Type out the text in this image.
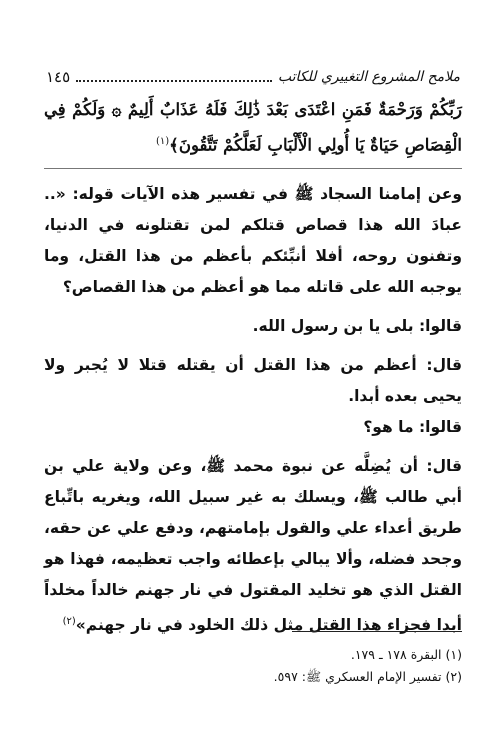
ملامح المشروع التغييري للكاتب
١٤٥

رَبِّكُمْ وَرَحْمَةٌ فَمَنِ اعْتَدَى بَعْدَ ذَٰلِكَ فَلَهُ عَذَابٌ أَلِيمٌ ۞ وَلَكُمْ فِي الْقِصَاصِ حَيَاةٌ يَا أُولِي الْأَلْبَابِ لَعَلَّكُمْ تَتَّقُونَ﴾$^{(١)}$

وعن إمامنا السجاد ﷺ في تفسير هذه الآيات قوله: «.. عبادَ الله هذا قصاص قتلكم لمن تقتلونه في الدنيا، وتفنون روحه، أفلا أنبِّئكم بأعظم من هذا القتل، وما يوجبه الله على قاتله مما هو أعظم من هذا القصاص؟

قالوا: بلى يا بن رسول الله.

قال: أعظم من هذا القتل أن يقتله قتلا لا يُجبر ولا يحيى بعده أبدا.

قالوا: ما هو؟

قال: أن يُضِلَّه عن نبوة محمد ﷺ، وعن ولاية علي بن أبي طالب ﷺ، ويسلك به غير سبيل الله، ويغريه باتِّباع طريق أعداء علي والقول بإمامتهم، ودفع علي عن حقه، وجحد فضله، وألا يبالي بإعطائه واجب تعظيمه، فهذا هو القتل الذي هو تخليد المقتول في نار جهنم خالداً مخلداً أبدا فجزاء هذا القتل مثل ذلك الخلود في نار جهنم»$^{(٢)}$

(١) البقرة ١٧٨ ـ ١٧٩.
(٢) تفسير الإمام العسكري ﷺ: ٥٩٧.
